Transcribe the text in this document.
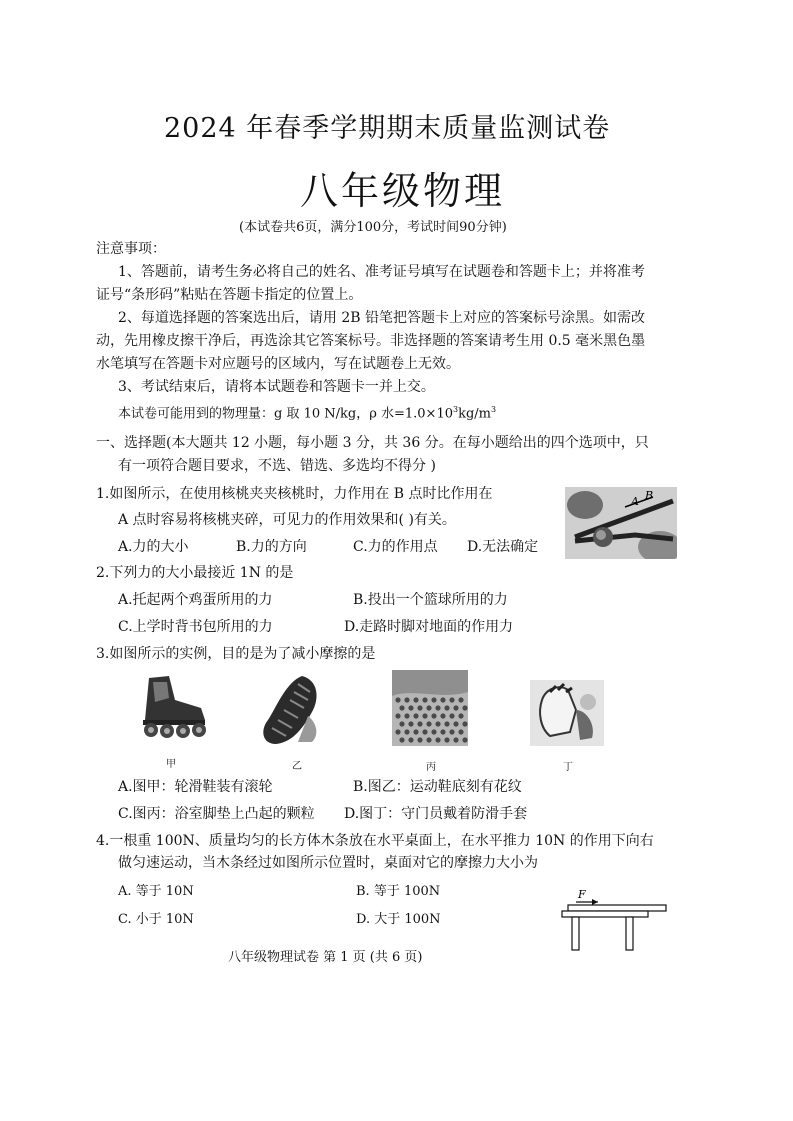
2024 年春季学期期末质量监测试卷
八年级物理
(本试卷共6页，满分100分，考试时间90分钟)
注意事项：
1、答题前，请考生务必将自己的姓名、准考证号填写在试题卷和答题卡上；并将准考
证号“条形码”粘贴在答题卡指定的位置上。
2、每道选择题的答案选出后，请用 2B 铅笔把答题卡上对应的答案标号涂黑。如需改
动，先用橡皮擦干净后，再选涂其它答案标号。非选择题的答案请考生用 0.5 毫米黑色墨
水笔填写在答题卡对应题号的区域内，写在试题卷上无效。
3、考试结束后，请将本试题卷和答题卡一并上交。
本试卷可能用到的物理量：g 取 10 N/kg，ρ 水$=1.0\times 10^3kg/m^3$
一、选择题(本大题共 12 小题，每小题 3 分，共 36 分。在每小题给出的四个选项中，只
有一项符合题目要求，不选、错选、多选均不得分 )
1.如图所示，在使用核桃夹夹核桃时，力作用在 B 点时比作用在
A 点时容易将核桃夹碎，可见力的作用效果和( )有关。
A.力的大小	B.力的方向	C.力的作用点 D.无法确定
A B
2.下列力的大小最接近 1N 的是
A.托起两个鸡蛋所用的力	B.投出一个篮球所用的力
C.上学时背书包所用的力	D.走路时脚对地面的作用力
3.如图所示的实例，目的是为了减小摩擦的是
甲	乙	丙	丁
A.图甲：轮滑鞋装有滚轮	B.图乙：运动鞋底刻有花纹
C.图丙：浴室脚垫上凸起的颗粒 D.图丁：守门员戴着防滑手套
4.一根重 100N、质量均匀的长方体木条放在水平桌面上，在水平推力 10N 的作用下向右
做匀速运动，当木条经过如图所示位置时，桌面对它的摩擦力大小为
A. 等于 10N	B. 等于 100N
C. 小于 10N	D. 大于 100N
F
八年级物理试卷 第 1 页 (共 6 页)
